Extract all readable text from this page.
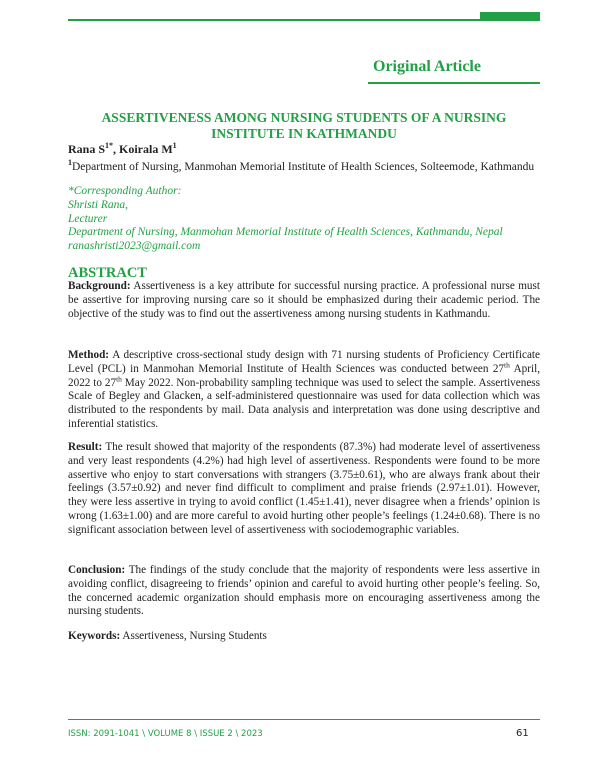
Original Article
ASSERTIVENESS AMONG NURSING STUDENTS OF A NURSING INSTITUTE IN KATHMANDU
Rana $S^{1*}$, Koirala $M^1$
$^1$Department of Nursing, Manmohan Memorial Institute of Health Sciences, Solteemode, Kathmandu
*Corresponding Author:
Shristi Rana,
Lecturer
Department of Nursing, Manmohan Memorial Institute of Health Sciences, Kathmandu, Nepal
ranashristi2023@gmail.com
ABSTRACT
Background: Assertiveness is a key attribute for successful nursing practice. A professional nurse must be assertive for improving nursing care so it should be emphasized during their academic period. The objective of the study was to find out the assertiveness among nursing students in Kathmandu.
Method: A descriptive cross-sectional study design with 71 nursing students of Proficiency Certificate Level (PCL) in Manmohan Memorial Institute of Health Sciences was conducted between 27th April, 2022 to 27th May 2022. Non-probability sampling technique was used to select the sample. Assertiveness Scale of Begley and Glacken, a self-administered questionnaire was used for data collection which was distributed to the respondents by mail. Data analysis and interpretation was done using descriptive and inferential statistics.
Result: The result showed that majority of the respondents (87.3%) had moderate level of assertiveness and very least respondents (4.2%) had high level of assertiveness. Respondents were found to be more assertive who enjoy to start conversations with strangers (3.75±0.61), who are always frank about their feelings (3.57±0.92) and never find difficult to compliment and praise friends (2.97±1.01). However, they were less assertive in trying to avoid conflict (1.45±1.41), never disagree when a friends’ opinion is wrong (1.63±1.00) and are more careful to avoid hurting other people’s feelings (1.24±0.68). There is no significant association between level of assertiveness with sociodemographic variables.
Conclusion: The findings of the study conclude that the majority of respondents were less assertive in avoiding conflict, disagreeing to friends’ opinion and careful to avoid hurting other people’s feeling. So, the concerned academic organization should emphasis more on encouraging assertiveness among the nursing students.
Keywords: Assertiveness, Nursing Students
ISSN: 2091-1041 \ VOLUME 8 \ ISSUE 2 \ 2023	61
